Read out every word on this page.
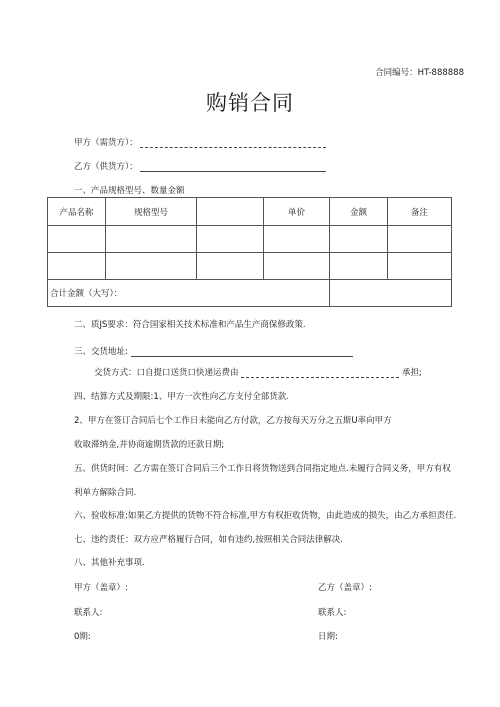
合同编号：HT-888888
购销合同
甲方（需货方）：
乙方（供货方）：
一、产品规格型号、数量金额
产品名称	规格型号		单价	金额	备注

合计金额（大写）：					
二、质JS要求：符合国家相关技术标准和产品生产商保修政策.
三、交货地址:
交货方式：口自提口送货口快递运费由	承担;
四、结算方式及期限:1、甲方一次性向乙方支付全部货款.
2、甲方在签订合同后七个工作日未能向乙方付款，乙方按每天万分之五斯U率向甲方
收取滞纳金,并协商逾期货款的还款日期;
五、供货时间：乙方需在签订合同后三个工作日将货物送到合同指定地点.未履行合同义务，甲方有权
利单方解除合同.
六、验收标准:如果乙方提供的货物不符合标准,甲方有权拒收货物，由此造成的损失，由乙方承担责任.
七、违约责任：双方应严格履行合同，如有违约,按照相关合同法律解决.
八、其他补充事项.
甲方（盖章）:	乙方（盖章）:
联系人:	联系人:
0期:	日期:
